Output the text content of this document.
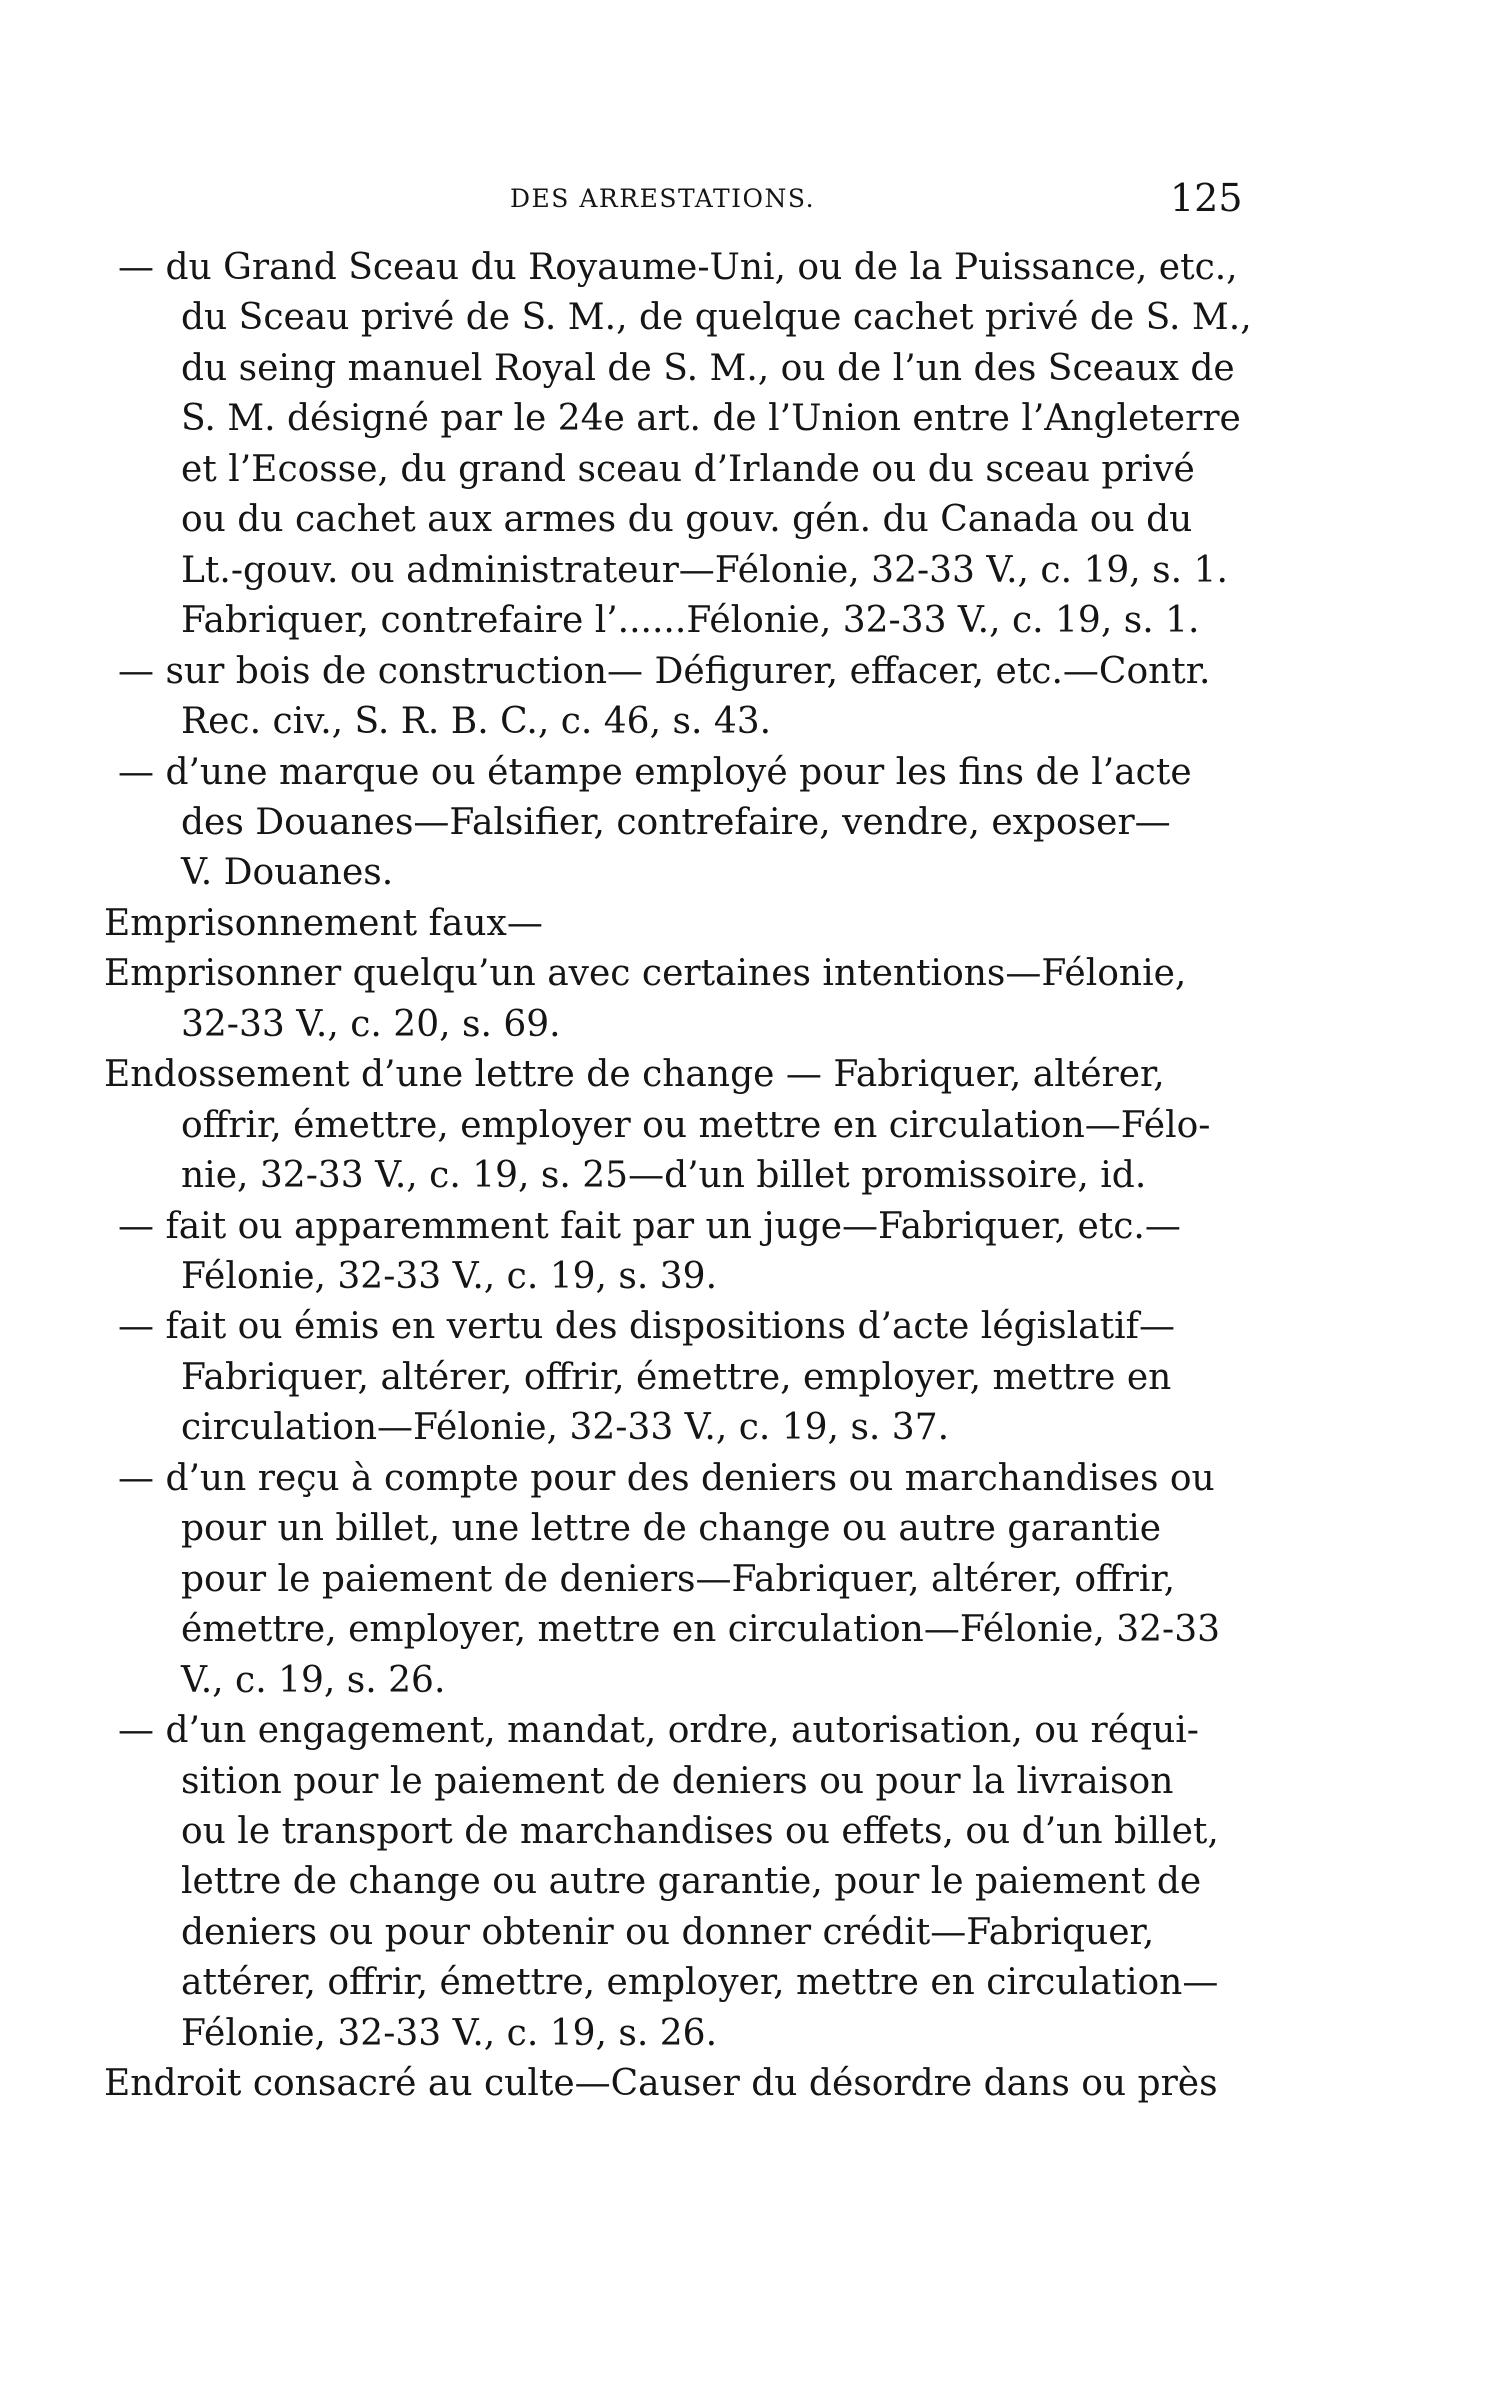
DES ARRESTATIONS.	125
— du Grand Sceau du Royaume-Uni, ou de la Puissance, etc.,
du Sceau privé de S. M., de quelque cachet privé de S. M.,
du seing manuel Royal de S. M., ou de l’un des Sceaux de
S. M. désigné par le 24e art. de l’Union entre l’Angleterre
et l’Ecosse, du grand sceau d’Irlande ou du sceau privé
ou du cachet aux armes du gouv. gén. du Canada ou du
Lt.-gouv. ou administrateur—Félonie, 32-33 V., c. 19, s. 1.
Fabriquer, contrefaire l’......Félonie, 32-33 V., c. 19, s. 1.
— sur bois de construction— Défigurer, effacer, etc.—Contr.
Rec. civ., S. R. B. C., c. 46, s. 43.
— d’une marque ou étampe employé pour les fins de l’acte
des Douanes—Falsifier, contrefaire, vendre, exposer—
V. Douanes.
Emprisonnement faux—
Emprisonner quelqu’un avec certaines intentions—Félonie,
32-33 V., c. 20, s. 69.
Endossement d’une lettre de change — Fabriquer, altérer,
offrir, émettre, employer ou mettre en circulation—Félo-
nie, 32-33 V., c. 19, s. 25—d’un billet promissoire, id.
— fait ou apparemment fait par un juge—Fabriquer, etc.—
Félonie, 32-33 V., c. 19, s. 39.
— fait ou émis en vertu des dispositions d’acte législatif—
Fabriquer, altérer, offrir, émettre, employer, mettre en
circulation—Félonie, 32-33 V., c. 19, s. 37.
— d’un reçu à compte pour des deniers ou marchandises ou
pour un billet, une lettre de change ou autre garantie
pour le paiement de deniers—Fabriquer, altérer, offrir,
émettre, employer, mettre en circulation—Félonie, 32-33
V., c. 19, s. 26.
— d’un engagement, mandat, ordre, autorisation, ou réqui-
sition pour le paiement de deniers ou pour la livraison
ou le transport de marchandises ou effets, ou d’un billet,
lettre de change ou autre garantie, pour le paiement de
deniers ou pour obtenir ou donner crédit—Fabriquer,
attérer, offrir, émettre, employer, mettre en circulation—
Félonie, 32-33 V., c. 19, s. 26.
Endroit consacré au culte—Causer du désordre dans ou près
